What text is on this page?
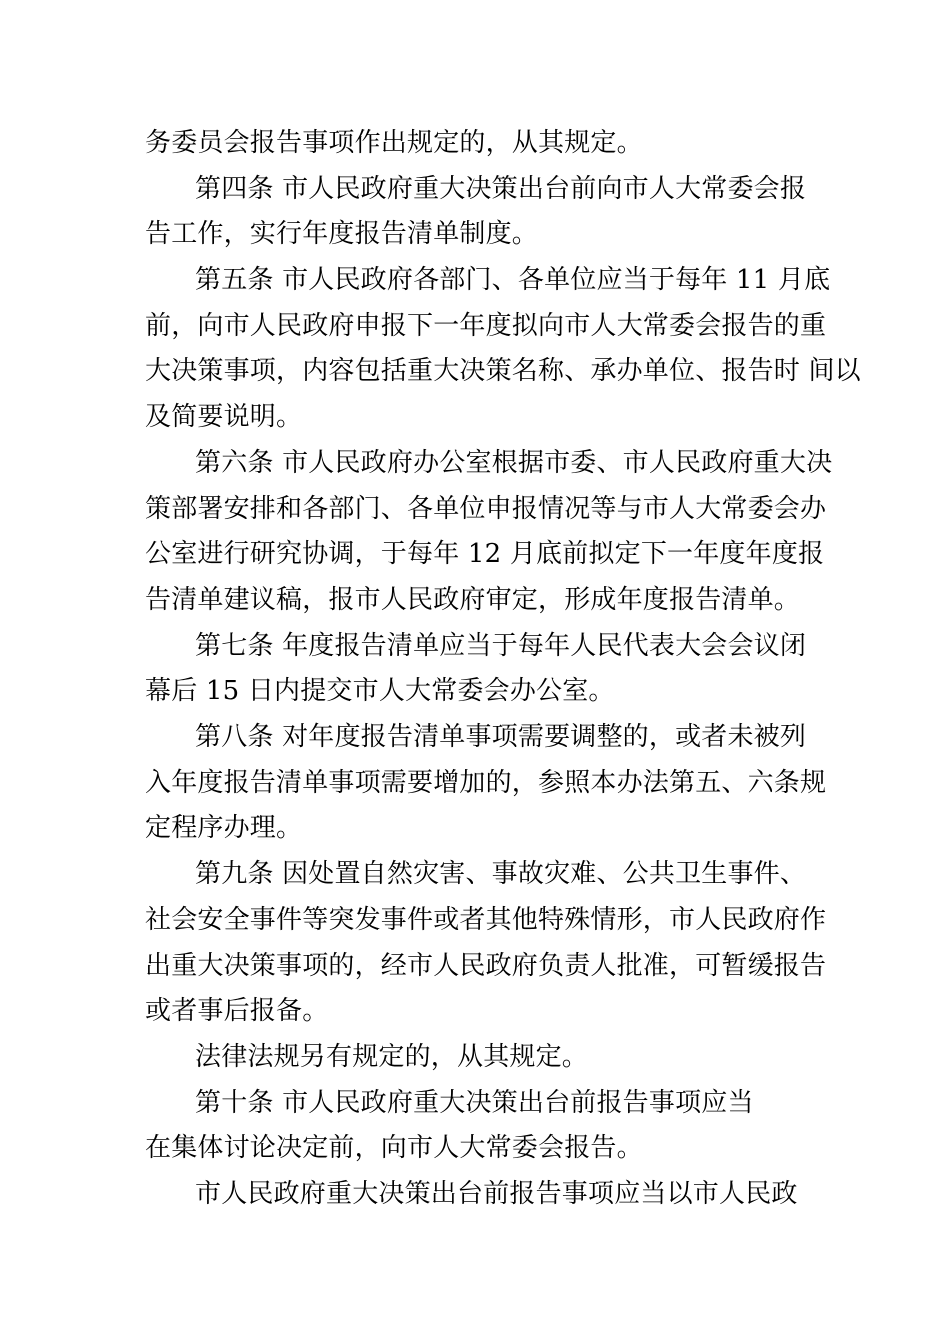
务委员会报告事项作出规定的，从其规定。
第四条 市人民政府重大决策出台前向市人大常委会报
告工作，实行年度报告清单制度。
第五条 市人民政府各部门、各单位应当于每年 11 月底
前，向市人民政府申报下一年度拟向市人大常委会报告的重
大决策事项，内容包括重大决策名称、承办单位、报告时 间以
及简要说明。
第六条 市人民政府办公室根据市委、市人民政府重大决
策部署安排和各部门、各单位申报情况等与市人大常委会办
公室进行研究协调，于每年 12 月底前拟定下一年度年度报
告清单建议稿，报市人民政府审定，形成年度报告清单。
第七条 年度报告清单应当于每年人民代表大会会议闭
幕后 15 日内提交市人大常委会办公室。
第八条 对年度报告清单事项需要调整的，或者未被列
入年度报告清单事项需要增加的，参照本办法第五、六条规
定程序办理。
第九条 因处置自然灾害、事故灾难、公共卫生事件、
社会安全事件等突发事件或者其他特殊情形，市人民政府作
出重大决策事项的，经市人民政府负责人批准，可暂缓报告
或者事后报备。
法律法规另有规定的，从其规定。
第十条 市人民政府重大决策出台前报告事项应当
在集体讨论决定前，向市人大常委会报告。
市人民政府重大决策出台前报告事项应当以市人民政
